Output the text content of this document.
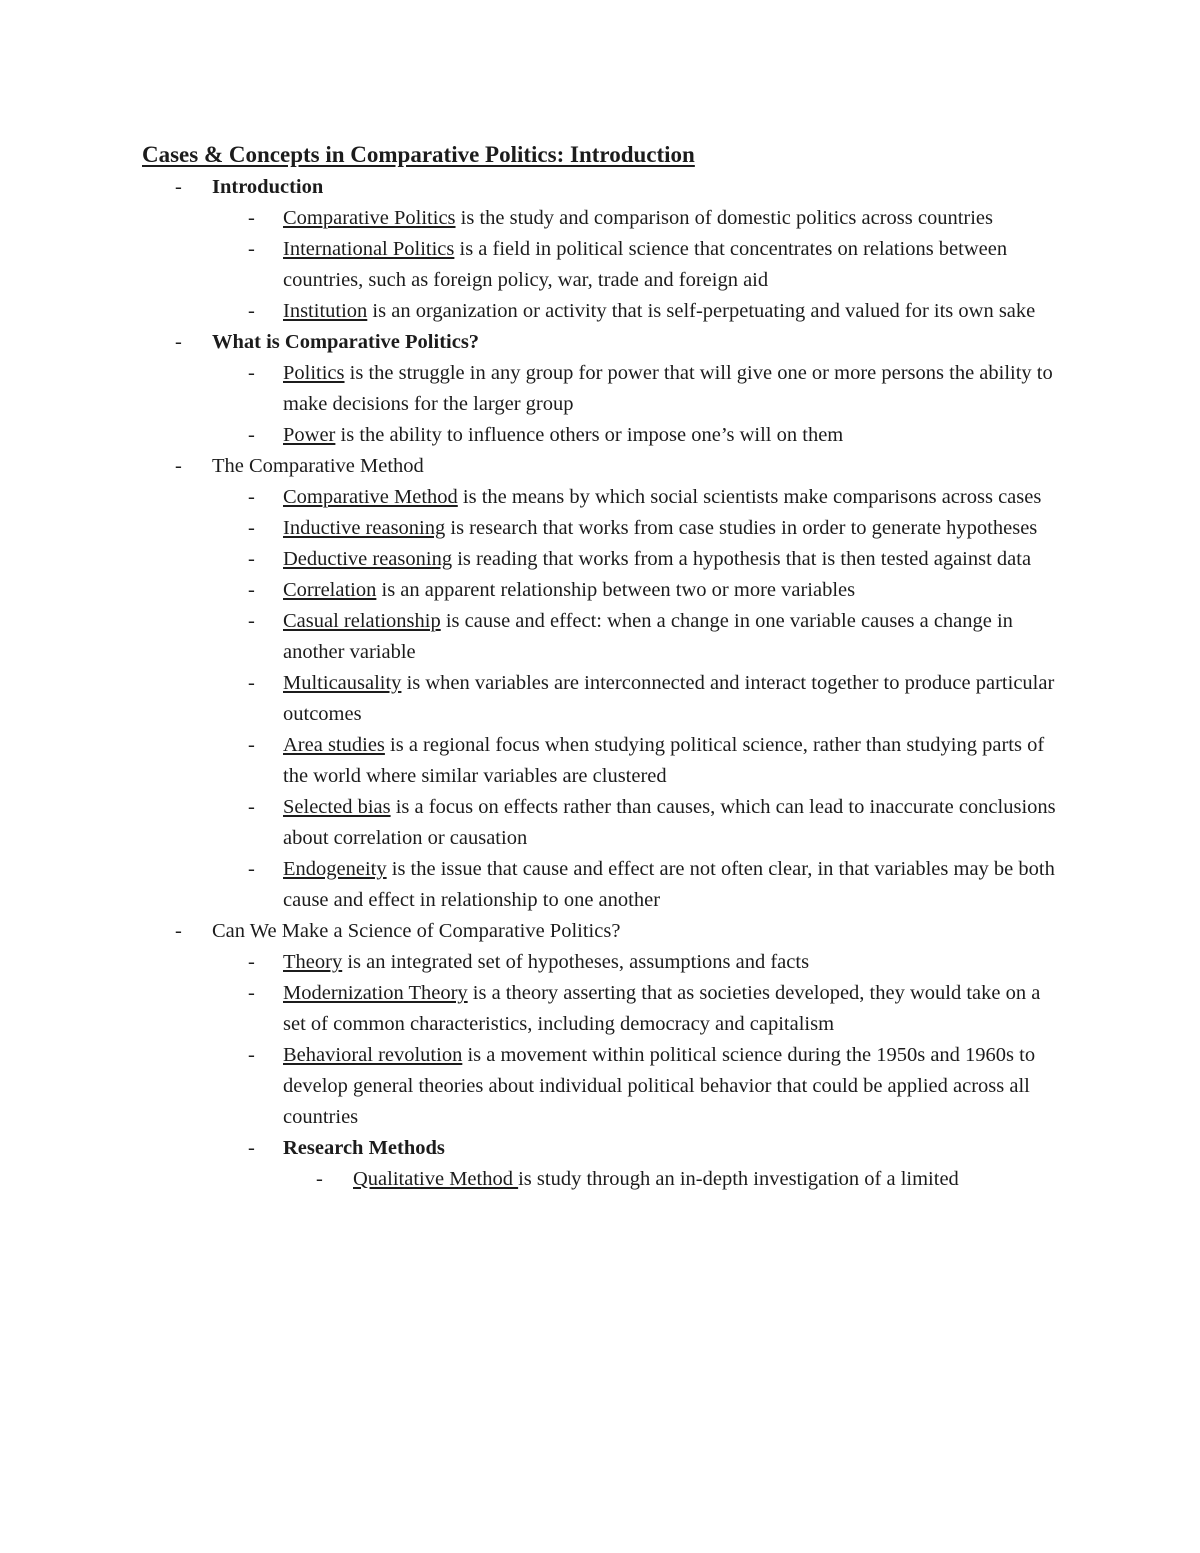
Cases & Concepts in Comparative Politics: Introduction
- Introduction
- Comparative Politics is the study and comparison of domestic politics across countries
- International Politics is a field in political science that concentrates on relations between countries, such as foreign policy, war, trade and foreign aid
- Institution is an organization or activity that is self-perpetuating and valued for its own sake
- What is Comparative Politics?
- Politics is the struggle in any group for power that will give one or more persons the ability to make decisions for the larger group
- Power is the ability to influence others or impose one’s will on them
- The Comparative Method
- Comparative Method is the means by which social scientists make comparisons across cases
- Inductive reasoning is research that works from case studies in order to generate hypotheses
- Deductive reasoning is reading that works from a hypothesis that is then tested against data
- Correlation is an apparent relationship between two or more variables
- Casual relationship is cause and effect: when a change in one variable causes a change in another variable
- Multicausality is when variables are interconnected and interact together to produce particular outcomes
- Area studies is a regional focus when studying political science, rather than studying parts of the world where similar variables are clustered
- Selected bias is a focus on effects rather than causes, which can lead to inaccurate conclusions about correlation or causation
- Endogeneity is the issue that cause and effect are not often clear, in that variables may be both cause and effect in relationship to one another
- Can We Make a Science of Comparative Politics?
- Theory is an integrated set of hypotheses, assumptions and facts
- Modernization Theory is a theory asserting that as societies developed, they would take on a set of common characteristics, including democracy and capitalism
- Behavioral revolution is a movement within political science during the 1950s and 1960s to develop general theories about individual political behavior that could be applied across all countries
- Research Methods
- Qualitative Method is study through an in-depth investigation of a limited
